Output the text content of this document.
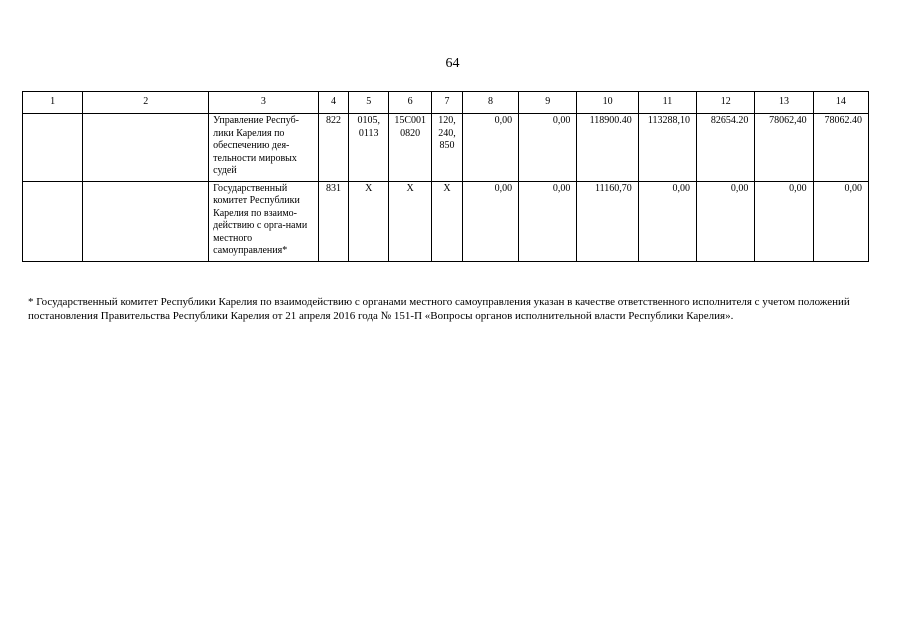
64
1	2	3	4	5	6	7	8	9	10	11	12	13	14
		Управление Респуб- лики Карелия по обеспечению дея-тельности мировых судей	822	0105, 0113	15С001 0820	120, 240, 850	0,00	0,00	118900.40	113288,10	82654.20	78062,40	78062.40
		Государственный комитет Республики Карелия по взаимо-действию с орга-нами местного самоуправления*	831	Х	Х	Х	0,00	0,00	11160,70	0,00	0,00	0,00	0,00
* Государственный комитет Республики Карелия по взаимодействию с органами местного самоуправления указан в качестве ответственного исполнителя с учетом положений постановления Правительства Республики Карелия от 21 апреля 2016 года № 151-П «Вопросы органов исполнительной власти Республики Карелия».
